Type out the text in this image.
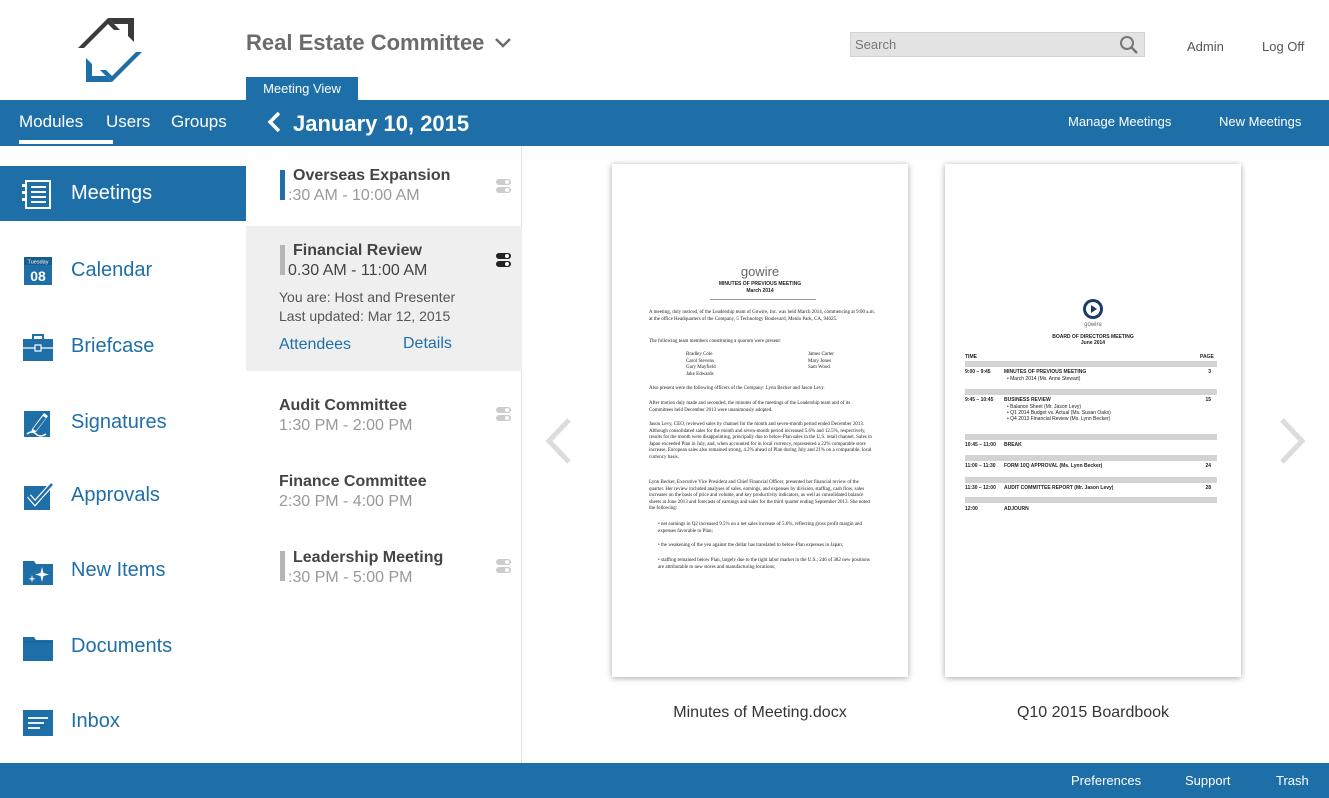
Real Estate Committee
Search	Admin	Log Off
Meeting View
Modules Users Groups	January 10, 2015	Manage Meetings	New Meetings
Meetings
Tuesday
08 Calendar
Briefcase
Signatures
Approvals
New Items
Documents
Inbox
Overseas Expansion
:30 AM - 10:00 AM
Financial Review
0.30 AM - 11:00 AM
You are: Host and Presenter
Last updated: Mar 12, 2015
Attendees	Details
Audit Committee
1:30 PM - 2:00 PM
Finance Committee
2:30 PM - 4:00 PM
Leadership Meeting
:30 PM - 5:00 PM
gowire
MINUTES OF PREVIOUS MEETING
March 2014
A meeting, duly noticed, of the Leadership team of Gowire, Inc. was held March 2014, commencing at 9:00 a.m. at the office Headquarters of the Company, 5 Technology Boulevard, Menlo Park, CA, 94025.
The following team members constituting a quorum were present:
Bradley Cole
Carol Stevens
Gary Mayfield
Jake Edwards
James Carter
Mary Jones
Sam Wood
Also present were the following officers of the Company: Lynn Becker and Jason Levy.
After motion duly made and seconded, the minutes of the meetings of the Leadership team and of its Committees held December 2013 were unanimously adopted.
Jason Levy, CEO, reviewed sales by channel for the month and seven-month period ended December 2013. Although consolidated sales for the month and seven-month period increased 5.6% and 12.5%, respectively, results for the month were disappointing, principally due to below-Plan sales in the U.S. retail channel. Sales in Japan exceeded Plan in July, and, when accounted for in local currency, represented a 22% comparable store increase. European sales also remained strong, 4.2% ahead of Plan during July and 21% on a comparable, local currency basis.
Lynn Becker, Executive Vice President and Chief Financial Officer, presented her financial review of the quarter. Her review included analyses of sales, earnings, and expenses by division, staffing, cash flow, sales increases on the basis of price and volume, and key productivity indicators, as well as consolidated balance sheets at June 2013 and forecasts of earnings and sales for the third quarter ending September 2013. She noted the following:
• net earnings in Q2 increased 9.5% on a net sales increase of 5.6%, reflecting gross profit margin and expenses favorable to Plan;
• the weakening of the yen against the dollar has translated to below-Plan expenses in Japan;
• staffing remained below Plan, largely due to the tight labor market in the U.S.; 246 of 382 new positions are attributable to new stores and manufacturing locations;
Minutes of Meeting.docx
gowire
BOARD OF DIRECTORS MEETING
June 2014
TIME	PAGE
9:00 – 9:45	MINUTES OF PREVIOUS MEETING	3
• March 2014 (Ms. Anne Stewart)
9:45 – 10:45 BUSINESS REVIEW	15
• Balance Sheet (Mr. Jason Levy)
• Q1 2014 Budget vs. Actual (Ms. Susan Oaks)
• Q4 2013 Financial Review (Ms. Lynn Becker)
10:45 – 11:00 BREAK
11:00 – 11:30 FORM 10Q APPROVAL (Ms. Lynn Becker)	24
11:30 – 12:00 AUDIT COMMITTEE REPORT (Mr. Jason Levy)	28
12:00	ADJOURN
Q10 2015 Boardbook
Preferences	Support	Trash
